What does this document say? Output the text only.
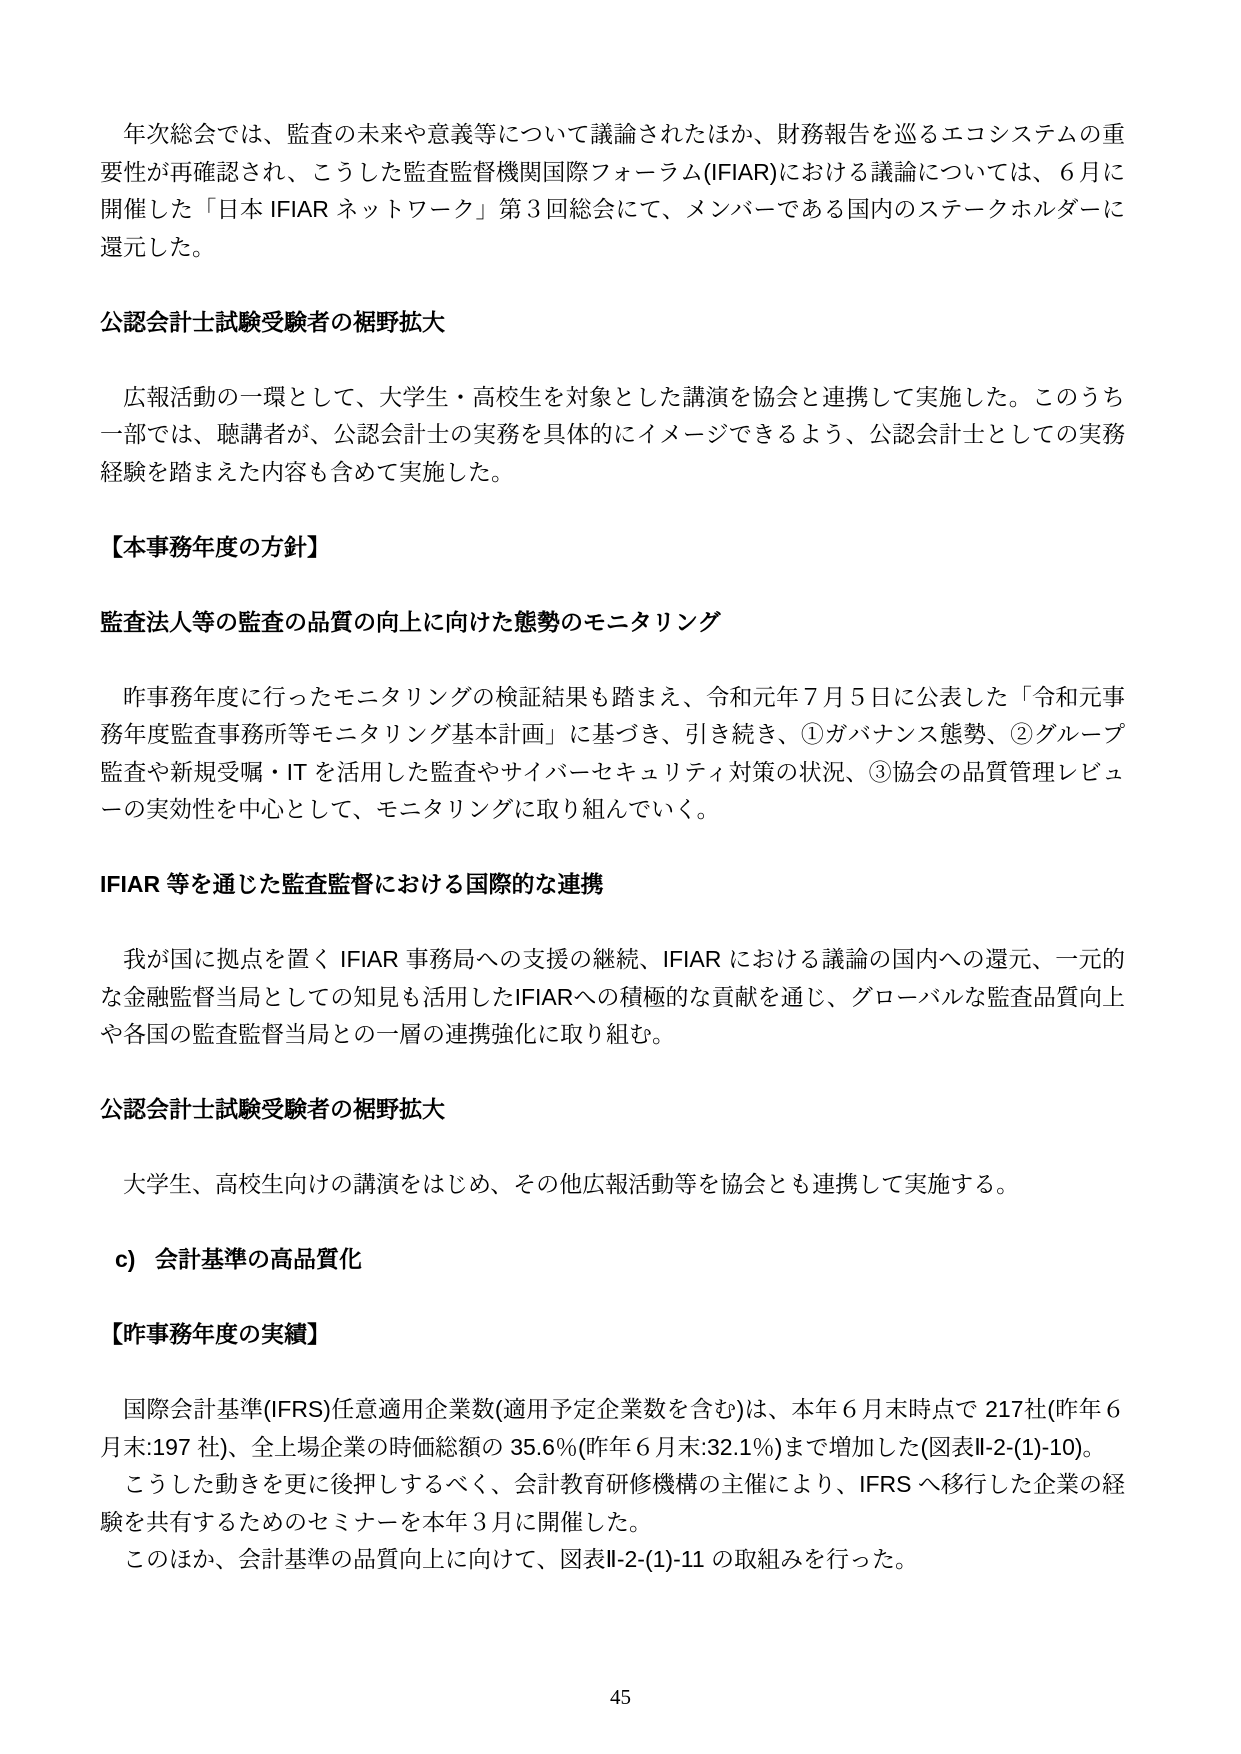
年次総会では、監査の未来や意義等について議論されたほか、財務報告を巡るエコシステムの重要性が再確認され、こうした監査監督機関国際フォーラム(IFIAR)における議論については、６月に開催した「日本 IFIAR ネットワーク」第３回総会にて、メンバーである国内のステークホルダーに還元した。

公認会計士試験受験者の裾野拡大

広報活動の一環として、大学生・高校生を対象とした講演を協会と連携して実施した。このうち一部では、聴講者が、公認会計士の実務を具体的にイメージできるよう、公認会計士としての実務経験を踏まえた内容も含めて実施した。

【本事務年度の方針】
監査法人等の監査の品質の向上に向けた態勢のモニタリング

昨事務年度に行ったモニタリングの検証結果も踏まえ、令和元年７月５日に公表した「令和元事務年度監査事務所等モニタリング基本計画」に基づき、引き続き、①ガバナンス態勢、②グループ監査や新規受嘱・IT を活用した監査やサイバーセキュリティ対策の状況、③協会の品質管理レビューの実効性を中心として、モニタリングに取り組んでいく。

IFIAR 等を通じた監査監督における国際的な連携

我が国に拠点を置く IFIAR 事務局への支援の継続、IFIAR における議論の国内への還元、一元的な金融監督当局としての知見も活用したIFIARへの積極的な貢献を通じ、グローバルな監査品質向上や各国の監査監督当局との一層の連携強化に取り組む。

公認会計士試験受験者の裾野拡大

大学生、高校生向けの講演をはじめ、その他広報活動等を協会とも連携して実施する。

c) 会計基準の高品質化
【昨事務年度の実績】

国際会計基準(IFRS)任意適用企業数(適用予定企業数を含む)は、本年６月末時点で 217社(昨年６月末:197 社)、全上場企業の時価総額の 35.6％(昨年６月末:32.1％)まで増加した(図表Ⅱ-2-(1)-10)。

こうした動きを更に後押しするべく、会計教育研修機構の主催により、IFRS へ移行した企業の経験を共有するためのセミナーを本年３月に開催した。

このほか、会計基準の品質向上に向けて、図表Ⅱ-2-(1)-11 の取組みを行った。

45
